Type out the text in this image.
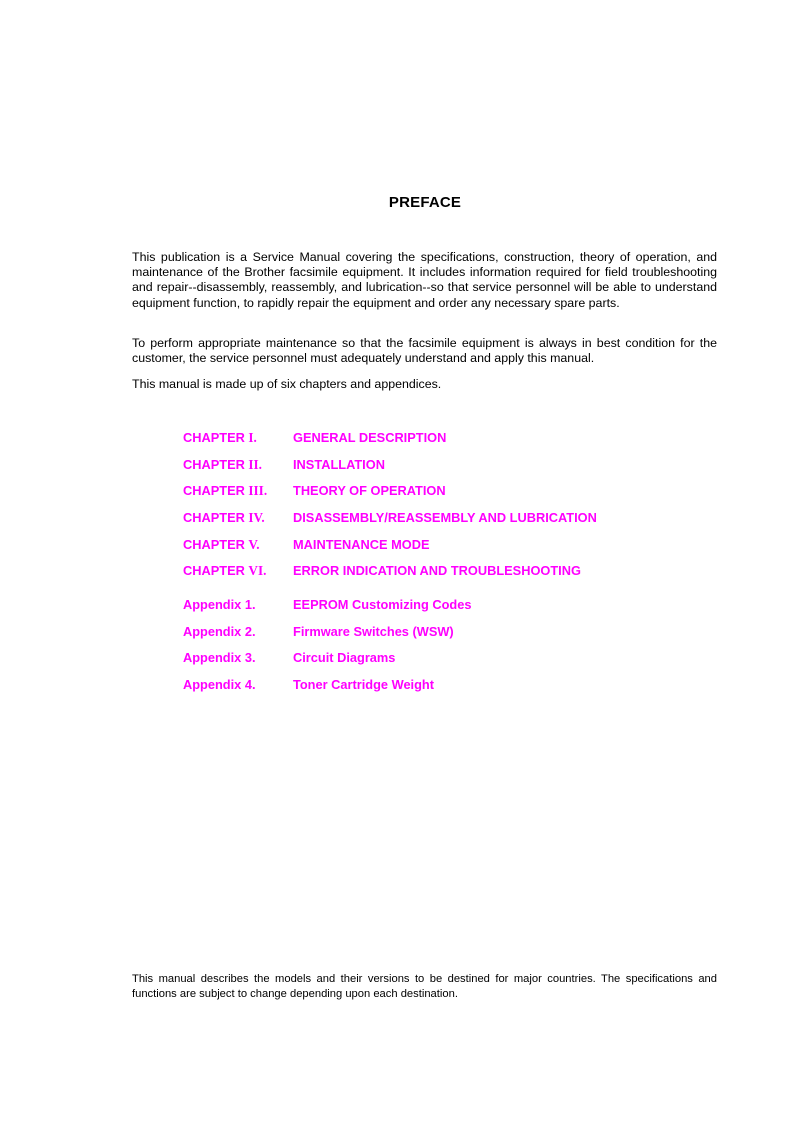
PREFACE
This publication is a Service Manual covering the specifications, construction, theory of operation, and maintenance of the Brother facsimile equipment. It includes information required for field troubleshooting and repair--disassembly, reassembly, and lubrication--so that service personnel will be able to understand equipment function, to rapidly repair the equipment and order any necessary spare parts.
To perform appropriate maintenance so that the facsimile equipment is always in best condition for the customer, the service personnel must adequately understand and apply this manual.
This manual is made up of six chapters and appendices.
CHAPTER I.	GENERAL DESCRIPTION
CHAPTER II. INSTALLATION
CHAPTER III. THEORY OF OPERATION
CHAPTER IV. DISASSEMBLY/REASSEMBLY AND LUBRICATION
CHAPTER V.	MAINTENANCE MODE
CHAPTER VI. ERROR INDICATION AND TROUBLESHOOTING
Appendix 1.	EEPROM Customizing Codes
Appendix 2.	Firmware Switches (WSW)
Appendix 3.	Circuit Diagrams
Appendix 4.	Toner Cartridge Weight
This manual describes the models and their versions to be destined for major countries. The specifications and functions are subject to change depending upon each destination.
